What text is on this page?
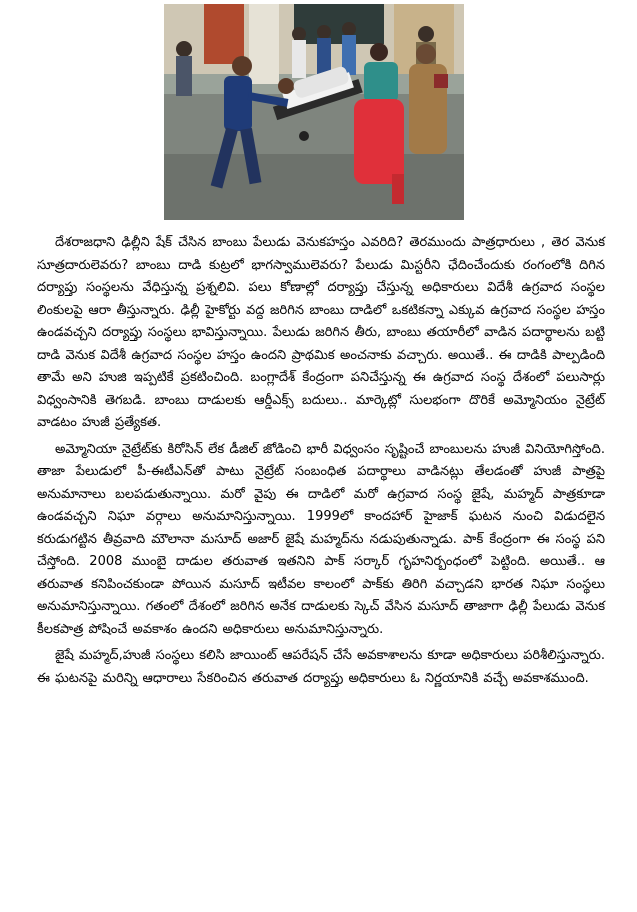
దేశరాజధాని ఢిల్లీని షేక్ చేసిన బాంబు పేలుడు వెనుకహస్తం ఎవరిది? తెరముందు పాత్రధారులు , తెర వెనుక సూత్రదారులెవరు? బాంబు దాడి కుట్రలో భాగస్వాములెవరు? పేలుడు మిస్టరీని ఛేదించేందుకు రంగంలోకి దిగిన దర్యాప్తు సంస్థలను వేధిస్తున్న ప్రశ్నలివి. పలు కోణాల్లో దర్యాప్తు చేస్తున్న అధికారులు విదేశీ ఉగ్రవాద సంస్థల లింకులపై ఆరా తీస్తున్నారు. ఢిల్లీ హైకోర్టు వద్ద జరిగిన బాంబు దాడిలో ఒకటికన్నా ఎక్కువ ఉగ్రవాద సంస్థల హస్తం ఉండవచ్చని దర్యాప్తు సంస్థలు భావిస్తున్నాయి. పేలుడు జరిగిన తీరు, బాంబు తయారీలో వాడిన పదార్థాలను బట్టి దాడి వెనుక విదేశీ ఉగ్రవాద సంస్థల హస్తం ఉందని ప్రాథమిక అంచనాకు వచ్చారు. అయితే.. ఈ దాడికి పాల్పడింది తామే అని హుజి ఇప్పటికే ప్రకటించింది. బంగ్లాదేశ్ కేంద్రంగా పనిచేస్తున్న ఈ ఉగ్రవాద సంస్థ దేశంలో పలుసార్లు విధ్వంసానికి తెగబడి. బాంబు దాడులకు ఆర్డీఎక్స్ బదులు.. మార్కెట్లో సులభంగా దొరికే అమ్మోనియం నైట్రేట్ వాడటం హుజీ ప్రత్యేకత.

అమ్మోనియా నైట్రేట్‌కు కిరోసిన్ లేక డీజిల్ జోడించి భారీ విధ్వంసం సృష్టించే బాంబులను హుజీ వినియోగిస్తోంది. తాజా పేలుడులో పీ-ఈటీఎన్‌తో పాటు నైట్రేట్ సంబంధిత పదార్థాలు వాడినట్లు తేలడంతో హుజీ పాత్రపై అనుమానాలు బలపడుతున్నాయి. మరో వైపు ఈ దాడిలో మరో ఉగ్రవాద సంస్థ జైషే, మహ్మద్ పాత్రకూడా ఉండవచ్చని నిఘా వర్గాలు అనుమానిస్తున్నాయి. 1999లో కాందహార్ హైజాక్ ఘటన నుంచి విడుదలైన కరుడుగట్టిన తీవ్రవాది మౌలానా మసూద్ అజార్ జైషే మహ్మద్‌ను నడుపుతున్నాడు. పాక్ కేంద్రంగా ఈ సంస్థ పని చేస్తోంది. 2008 ముంబై దాడుల తరువాత ఇతనిని పాక్ సర్కార్ గృహనిర్బంధంలో పెట్టింది. అయితే.. ఆ తరువాత కనిపించకుండా పోయిన మసూద్ ఇటీవల కాలంలో పాక్‌కు తిరిగి వచ్చాడని భారత నిఘా సంస్థలు అనుమానిస్తున్నాయి. గతంలో దేశంలో జరిగిన అనేక దాడులకు స్కెచ్ వేసిన మసూద్ తాజాగా ఢిల్లీ పేలుడు వెనుక కీలకపాత్ర పోషించే అవకాశం ఉందని అధికారులు అనుమానిస్తున్నారు.

జైషే మహ్మద్,హుజీ సంస్థలు కలిసి జాయింట్ ఆపరేషన్ చేసే అవకాశాలను కూడా అధికారులు పరిశీలిస్తున్నారు. ఈ ఘటనపై మరిన్ని ఆధారాలు సేకరించిన తరువాత దర్యాప్తు అధికారులు ఓ నిర్ణయానికి వచ్చే అవకాశముంది.
